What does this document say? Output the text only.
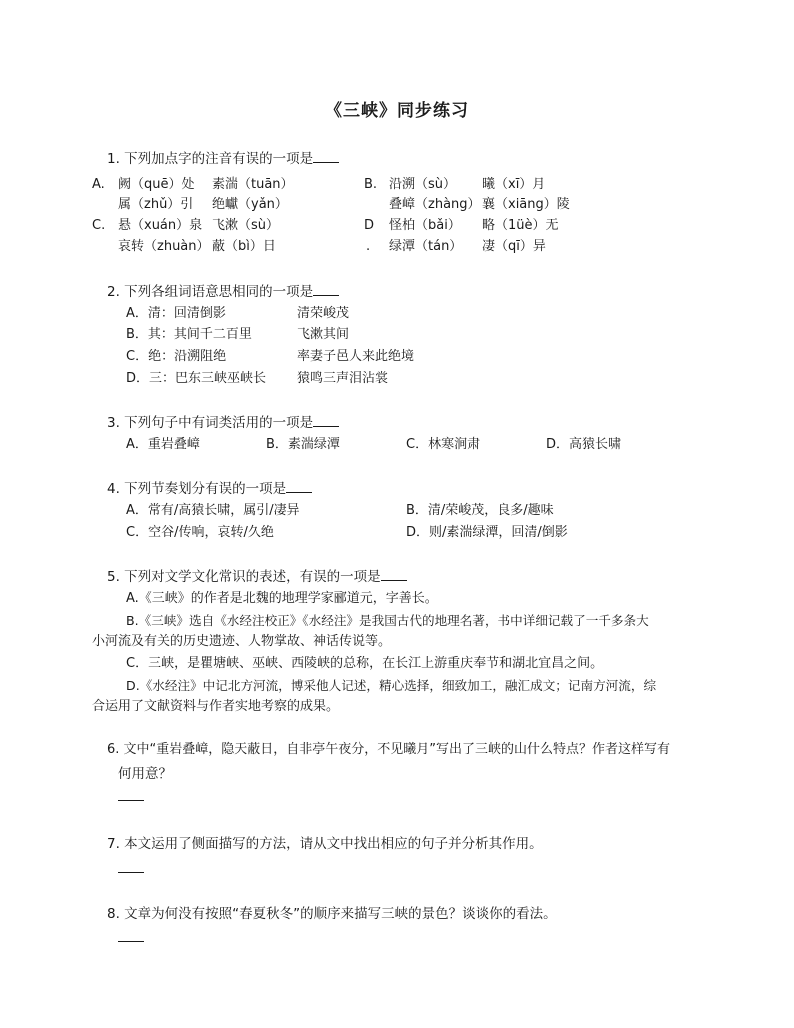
《三峡》同步练习
1. 下列加点字的注音有误的一项是
A. 阙（quē）处 素湍（tuān）
属（zhǔ）引 绝巘（yǎn）
B. 沿溯（sù） 曦（xī）月
叠嶂（zhàng） 襄（xiāng）陵
C. 悬（xuán）泉 飞漱（sù）
哀转（zhuàn） 蔽（bì）日
D
.
怪柏（bǎi） 略（1üè）无
绿潭（tán） 凄（qī）异
2. 下列各组词语意思相同的一项是
A．清：回清倒影	清荣峻茂
B．其：其间千二百里	飞漱其间
C．绝：沿溯阻绝	率妻子邑人来此绝境
D．三：巴东三峡巫峡长 猿鸣三声泪沾裳
3. 下列句子中有词类活用的一项是
A．重岩叠嶂	B．素湍绿潭	C．林寒涧肃	D．高猿长啸
4. 下列节奏划分有误的一项是
A．常有/高猿长啸，属引/凄异	B．清/荣峻茂，良多/趣味
C．空谷/传响，哀转/久绝	D．则/素湍绿潭，回清/倒影
5. 下列对文学文化常识的表述，有误的一项是
A.《三峡》的作者是北魏的地理学家郦道元，字善长。
B.《三峡》选自《水经注校正》《水经注》是我国古代的地理名著，书中详细记载了一千多条大
小河流及有关的历史遗迹、人物掌故、神话传说等。
C．三峡，是瞿塘峡、巫峡、西陵峡的总称，在长江上游重庆奉节和湖北宜昌之间。
D.《水经注》中记北方河流，博采他人记述，精心选择，细致加工，融汇成文；记南方河流，综
合运用了文献资料与作者实地考察的成果。
6. 文中“重岩叠嶂，隐天蔽日，自非亭午夜分，不见曦月”写出了三峡的山什么特点？作者这样写有
何用意？
7. 本文运用了侧面描写的方法，请从文中找出相应的句子并分析其作用。
8. 文章为何没有按照“春夏秋冬”的顺序来描写三峡的景色？谈谈你的看法。
